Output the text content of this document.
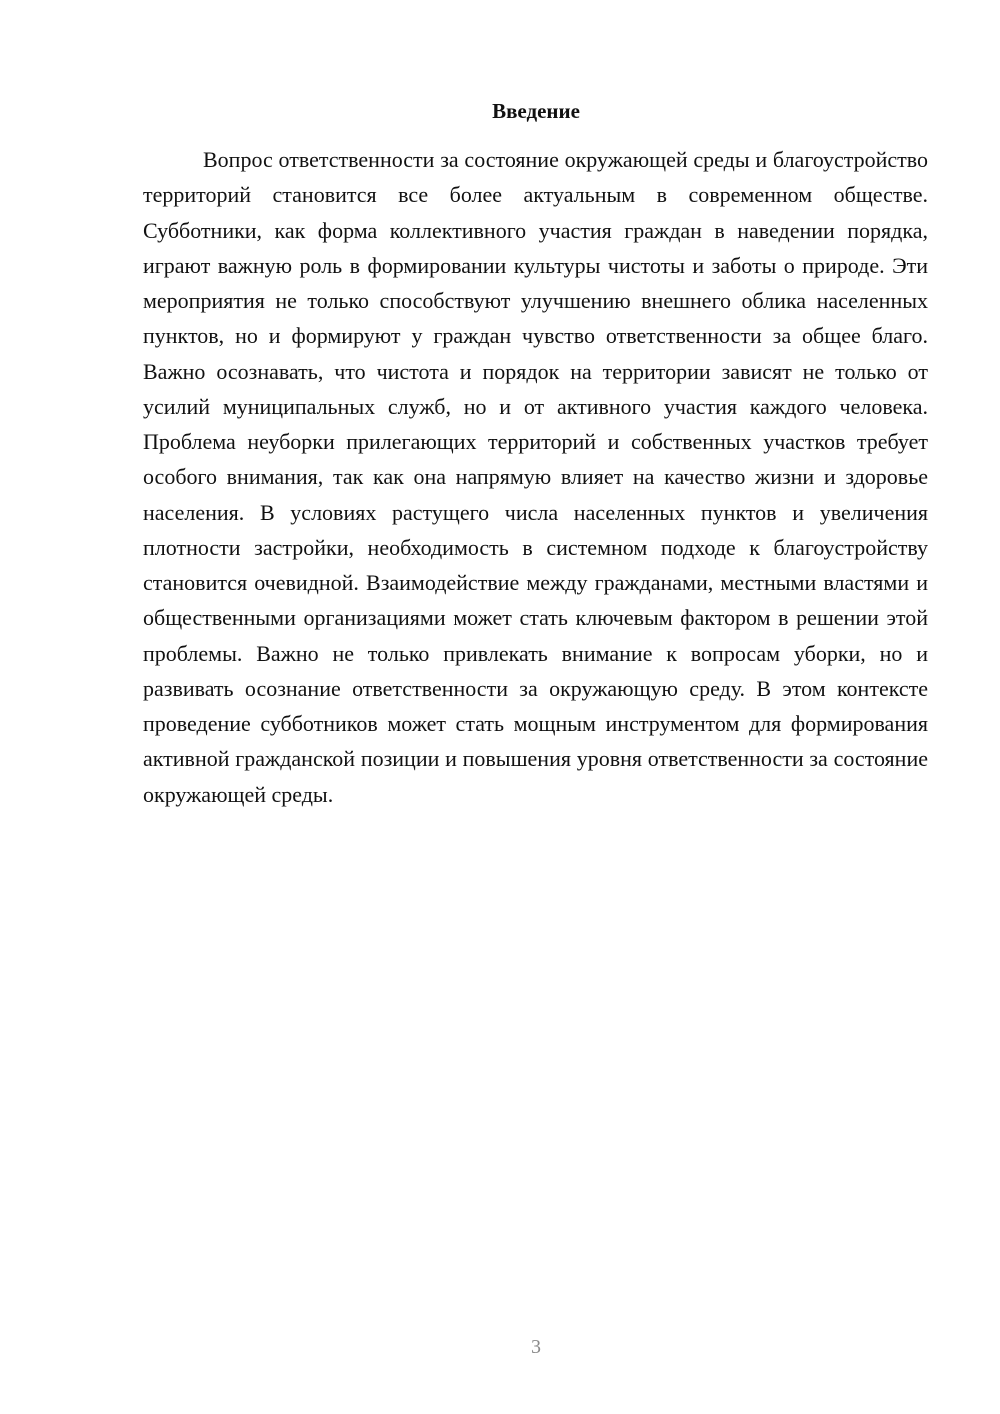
Введение

Вопрос ответственности за состояние окружающей среды и благоустройство территорий становится все более актуальным в современном обществе. Субботники, как форма коллективного участия граждан в наведении порядка, играют важную роль в формировании культуры чистоты и заботы о природе. Эти мероприятия не только способствуют улучшению внешнего облика населенных пунктов, но и формируют у граждан чувство ответственности за общее благо. Важно осознавать, что чистота и порядок на территории зависят не только от усилий муниципальных служб, но и от активного участия каждого человека. Проблема неуборки прилегающих территорий и собственных участков требует особого внимания, так как она напрямую влияет на качество жизни и здоровье населения. В условиях растущего числа населенных пунктов и увеличения плотности застройки, необходимость в системном подходе к благоустройству становится очевидной. Взаимодействие между гражданами, местными властями и общественными организациями может стать ключевым фактором в решении этой проблемы. Важно не только привлекать внимание к вопросам уборки, но и развивать осознание ответственности за окружающую среду. В этом контексте проведение субботников может стать мощным инструментом для формирования активной гражданской позиции и повышения уровня ответственности за состояние окружающей среды.

3
